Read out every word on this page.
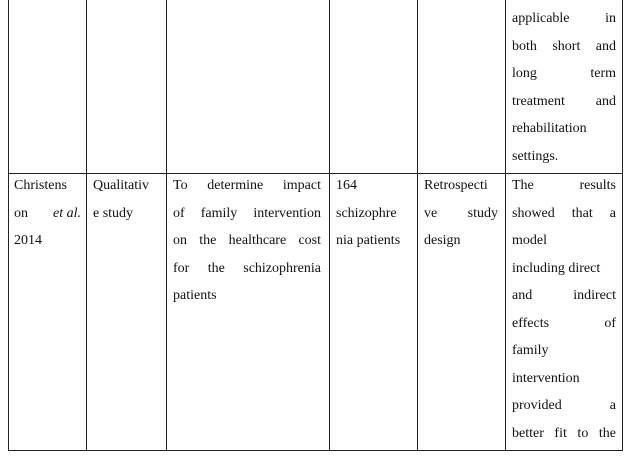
applicable in
both short and
long term
treatment and
rehabilitation
settings.
Christens
on et al.
2014
Qualitativ
e study
To determine impact
of family intervention
on the healthcare cost
for the schizophrenia
patients
164
schizophre
nia patients
Retrospecti
ve study
design
The results
showed that a
model
including direct
and indirect
effects of
family
intervention
provided a
better fit to the
